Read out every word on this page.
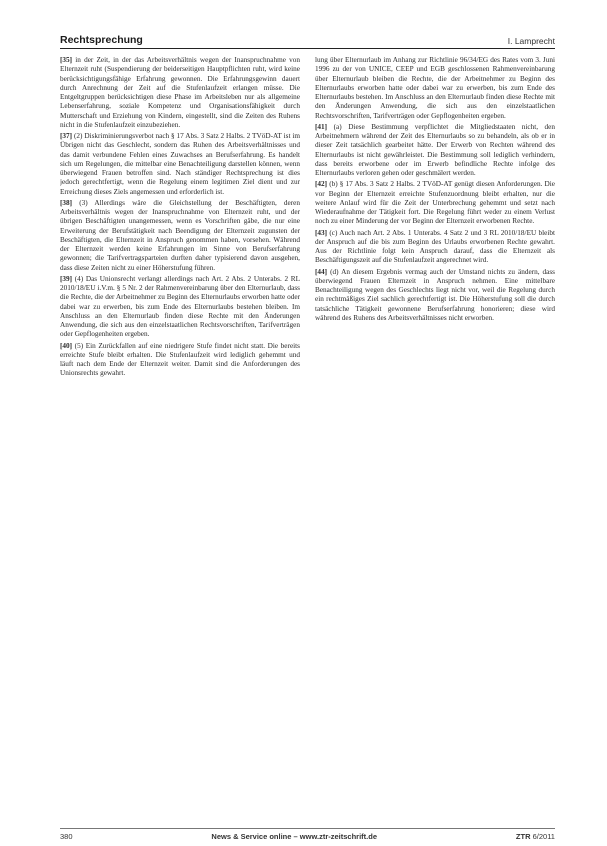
Rechtsprechung	I. Lamprecht

[35] in der Zeit, in der das Arbeitsverhältnis wegen der Inanspruchnahme von Elternzeit ruht (Suspendierung der beiderseitigen Hauptpflichten ruht, wird keine berücksichtigungsfähige Erfahrung gewonnen. Die Erfahrungsgewinn dauert durch Anrechnung der Zeit auf die Stufenlaufzeit erlangen müsse. Die Entgeltgruppen berücksichtigen diese Phase im Arbeitsleben nur als allgemeine Lebenserfahrung, soziale Kompetenz und Organisationsfähigkeit durch Mutterschaft und Erziehung von Kindern, eingestellt, sind die Zeiten des Ruhens nicht in die Stufenlaufzeit einzubeziehen.

[37] (2) Diskriminierungsverbot nach § 17 Abs. 3 Satz 2 Halbs. 2 TVöD-AT ist im Übrigen nicht das Geschlecht, sondern das Ruhen des Arbeitsverhältnisses und das damit verbundene Fehlen eines Zuwachses an Berufserfahrung. Es handelt sich um Regelungen, die mittelbar eine Benachteiligung darstellen können, wenn überwiegend Frauen betroffen sind. Nach ständiger Rechtsprechung ist dies jedoch gerechtfertigt, wenn die Regelung einem legitimen Ziel dient und zur Erreichung dieses Ziels angemessen und erforderlich ist.

[38] (3) Allerdings wäre die Gleichstellung der Beschäftigten, deren Arbeitsverhältnis wegen der Inanspruchnahme von Elternzeit ruht, und der übrigen Beschäftigten unangemessen, wenn es Vorschriften gäbe, die nur eine Erweiterung der Berufstätigkeit nach Beendigung der Elternzeit zugunsten der Beschäftigten, die Elternzeit in Anspruch genommen haben, vorsehen. Während der Elternzeit werden keine Erfahrungen im Sinne von Berufserfahrung gewonnen; die Tarifvertragsparteien durften daher typisierend davon ausgehen, dass diese Zeiten nicht zu einer Höherstufung führen.

[39] (4) Das Unionsrecht verlangt allerdings nach Art. 2 Abs. 2 Unterabs. 2 RL 2010/18/EU i.V.m. § 5 Nr. 2 der Rahmenvereinbarung über den Elternurlaub, dass die Rechte, die der Arbeitnehmer zu Beginn des Elternurlaubs erworben hatte oder dabei war zu erwerben, bis zum Ende des Elternurlaubs bestehen bleiben. Im Anschluss an den Elternurlaub finden diese Rechte mit den Änderungen Anwendung, die sich aus den einzelstaatlichen Rechtsvorschriften, Tarifverträgen oder Gepflogenheiten ergeben.

[40] (5) Ein Zurückfallen auf eine niedrigere Stufe findet nicht statt. Die bereits erreichte Stufe bleibt erhalten. Die Stufenlaufzeit wird lediglich gehemmt und läuft nach dem Ende der Elternzeit weiter. Damit sind die Anforderungen des Unionsrechts gewahrt.

lung über Elternurlaub im Anhang zur Richtlinie 96/34/EG des Rates vom 3. Juni 1996 zu der von UNICE, CEEP und EGB geschlossenen Rahmenvereinbarung über Elternurlaub bleiben die Rechte, die der Arbeitnehmer zu Beginn des Elternurlaubs erworben hatte oder dabei war zu erwerben, bis zum Ende des Elternurlaubs bestehen. Im Anschluss an den Elternurlaub finden diese Rechte mit den Änderungen Anwendung, die sich aus den einzelstaatlichen Rechtsvorschriften, Tarifverträgen oder Gepflogenheiten ergeben.

[41] (a) Diese Bestimmung verpflichtet die Mitgliedstaaten nicht, den Arbeitnehmern während der Zeit des Elternurlaubs so zu behandeln, als ob er in dieser Zeit tatsächlich gearbeitet hätte. Der Erwerb von Rechten während des Elternurlaubs ist nicht gewährleistet. Die Bestimmung soll lediglich verhindern, dass bereits erworbene oder im Erwerb befindliche Rechte infolge des Elternurlaubs verloren gehen oder geschmälert werden.

[42] (b) § 17 Abs. 3 Satz 2 Halbs. 2 TVöD-AT genügt diesen Anforderungen. Die vor Beginn der Elternzeit erreichte Stufenzuordnung bleibt erhalten, nur die weitere Anlauf wird für die Zeit der Unterbrechung gehemmt und setzt nach Wiederaufnahme der Tätigkeit fort. Die Regelung führt weder zu einem Verlust noch zu einer Minderung der vor Beginn der Elternzeit erworbenen Rechte.

[43] (c) Auch nach Art. 2 Abs. 1 Unterabs. 4 Satz 2 und 3 RL 2010/18/EU bleibt der Anspruch auf die bis zum Beginn des Urlaubs erworbenen Rechte gewahrt. Aus der Richtlinie folgt kein Anspruch darauf, dass die Elternzeit als Beschäftigungszeit auf die Stufenlaufzeit angerechnet wird.

[44] (d) An diesem Ergebnis vermag auch der Umstand nichts zu ändern, dass überwiegend Frauen Elternzeit in Anspruch nehmen. Eine mittelbare Benachteiligung wegen des Geschlechts liegt nicht vor, weil die Regelung durch ein rechtmäßiges Ziel sachlich gerechtfertigt ist. Die Höherstufung soll die durch tatsächliche Tätigkeit gewonnene Berufserfahrung honorieren; diese wird während des Ruhens des Arbeitsverhältnisses nicht erworben.

380	News & Service online – www.ztr-zeitschrift.de	ZTR 6/2011
